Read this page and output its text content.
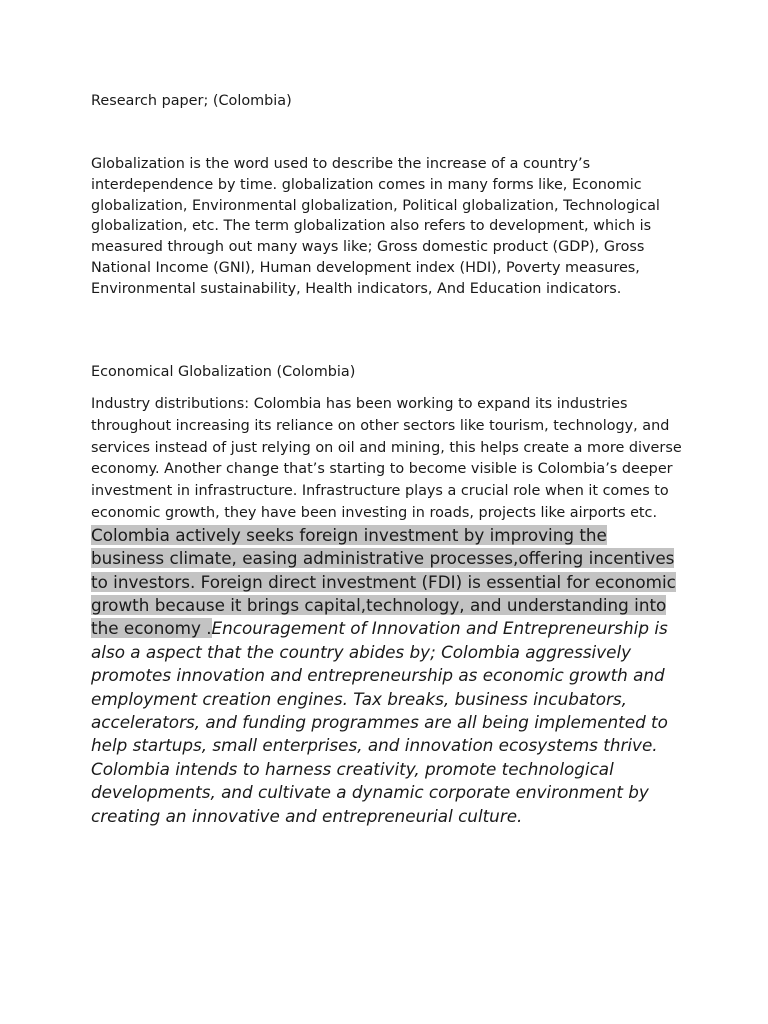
Research paper; (Colombia)

Globalization is the word used to describe the increase of a country’s interdependence by time. globalization comes in many forms like, Economic globalization, Environmental globalization, Political globalization, Technological globalization, etc. The term globalization also refers to development, which is measured through out many ways like; Gross domestic product (GDP), Gross National Income (GNI), Human development index (HDI), Poverty measures, Environmental sustainability, Health indicators, And Education indicators.

Economical Globalization (Colombia)

Industry distributions: Colombia has been working to expand its industries throughout increasing its reliance on other sectors like tourism, technology, and services instead of just relying on oil and mining, this helps create a more diverse economy. Another change that’s starting to become visible is Colombia’s deeper investment in infrastructure. Infrastructure plays a crucial role when it comes to economic growth, they have been investing in roads, projects like airports etc. Colombia actively seeks foreign investment by improving the business climate, easing administrative processes,offering incentives to investors. Foreign direct investment (FDI) is essential for economic growth because it brings capital,technology, and understanding into the economy .Encouragement of Innovation and Entrepreneurship is also a aspect that the country abides by; Colombia aggressively promotes innovation and entrepreneurship as economic growth and employment creation engines. Tax breaks, business incubators, accelerators, and funding programmes are all being implemented to help startups, small enterprises, and innovation ecosystems thrive. Colombia intends to harness creativity, promote technological developments, and cultivate a dynamic corporate environment by creating an innovative and entrepreneurial culture.
